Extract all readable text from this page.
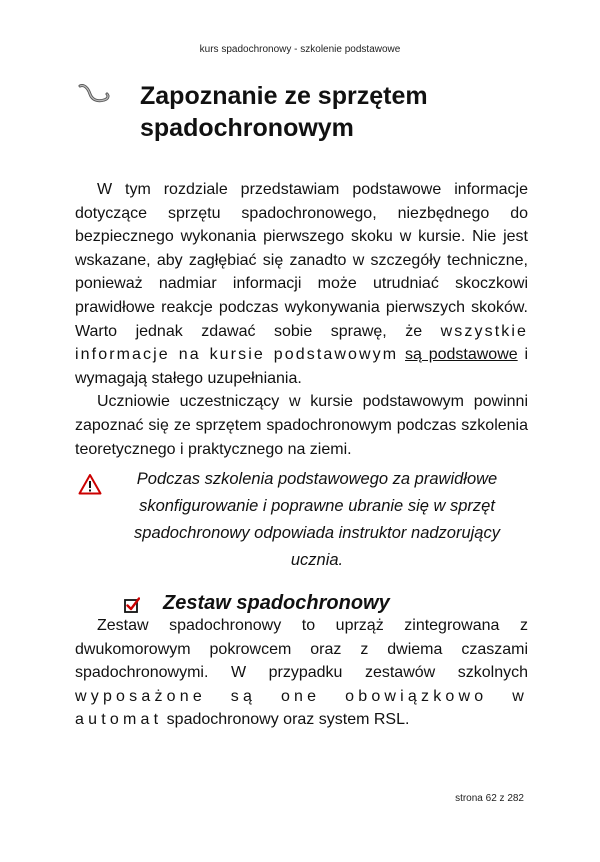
kurs spadochronowy - szkolenie podstawowe
Zapoznanie ze sprzętem spadochronowym

W tym rozdziale przedstawiam podstawowe informacje dotyczące sprzętu spadochronowego, niezbędnego do bezpiecznego wykonania pierwszego skoku w kursie. Nie jest wskazane, aby zagłębiać się zanadto w szczegóły techniczne, ponieważ nadmiar informacji może utrudniać skoczkowi prawidłowe reakcje podczas wykonywania pierwszych skoków. Warto jednak zdawać sobie sprawę, że wszystkie informacje na kursie podstawowym są podstawowe i wymagają stałego uzupełniania.

Uczniowie uczestniczący w kursie podstawowym powinni zapoznać się ze sprzętem spadochronowym podczas szkolenia teoretycznego i praktycznego na ziemi.

Podczas szkolenia podstawowego za prawidłowe skonfigurowanie i poprawne ubranie się w sprzęt spadochronowy odpowiada instruktor nadzorujący ucznia.
Zestaw spadochronowy

Zestaw spadochronowy to uprząż zintegrowana z dwukomorowym pokrowcem oraz z dwiema czaszami spadochronowymi. W przypadku zestawów szkolnych wyposażone są one obowiązkowo w automat spadochronowy oraz system RSL.

strona 62 z 282
